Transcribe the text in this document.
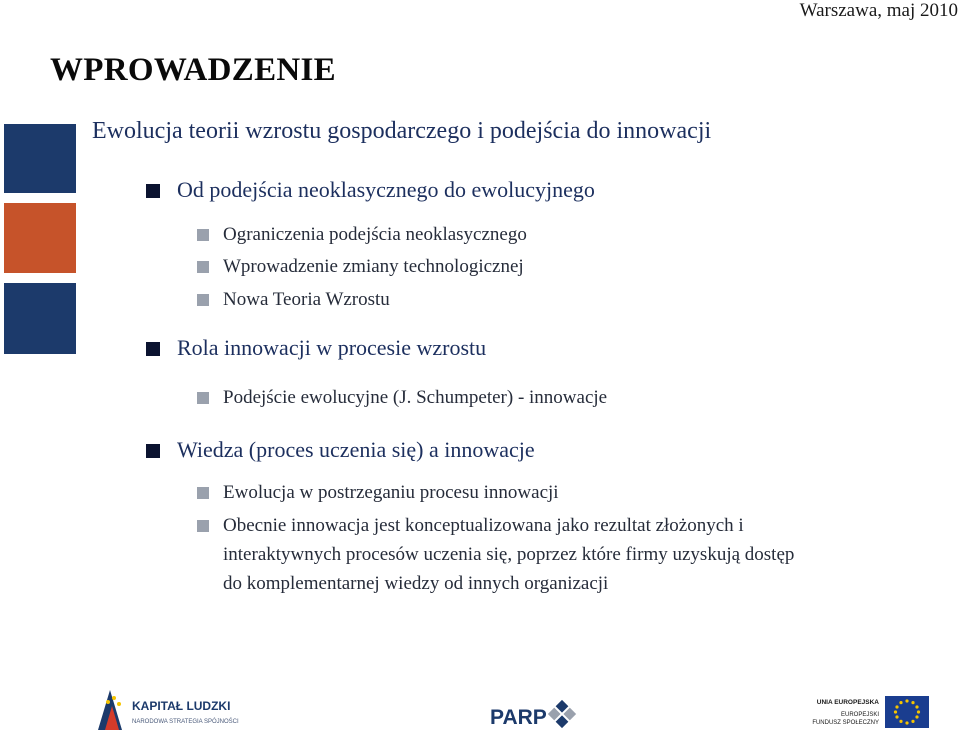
Warszawa, maj 2010
WPROWADZENIE
Ewolucja teorii wzrostu gospodarczego i podejścia do innowacji
Od podejścia neoklasycznego do ewolucyjnego
Ograniczenia podejścia neoklasycznego
Wprowadzenie zmiany technologicznej
Nowa Teoria Wzrostu
Rola innowacji w procesie wzrostu
Podejście ewolucyjne (J. Schumpeter) - innowacje
Wiedza (proces uczenia się) a innowacje
Ewolucja w postrzeganiu procesu innowacji
Obecnie innowacja jest konceptualizowana jako rezultat złożonych i
interaktywnych procesów uczenia się, poprzez które firmy uzyskują dostęp
do komplementarnej wiedzy od innych organizacji
KAPITAŁ LUDZKI
NARODOWA STRATEGIA SPÓJNOŚCI	PARP
UNIA EUROPEJSKA
EUROPEJSKI
FUNDUSZ SPOŁECZNY
